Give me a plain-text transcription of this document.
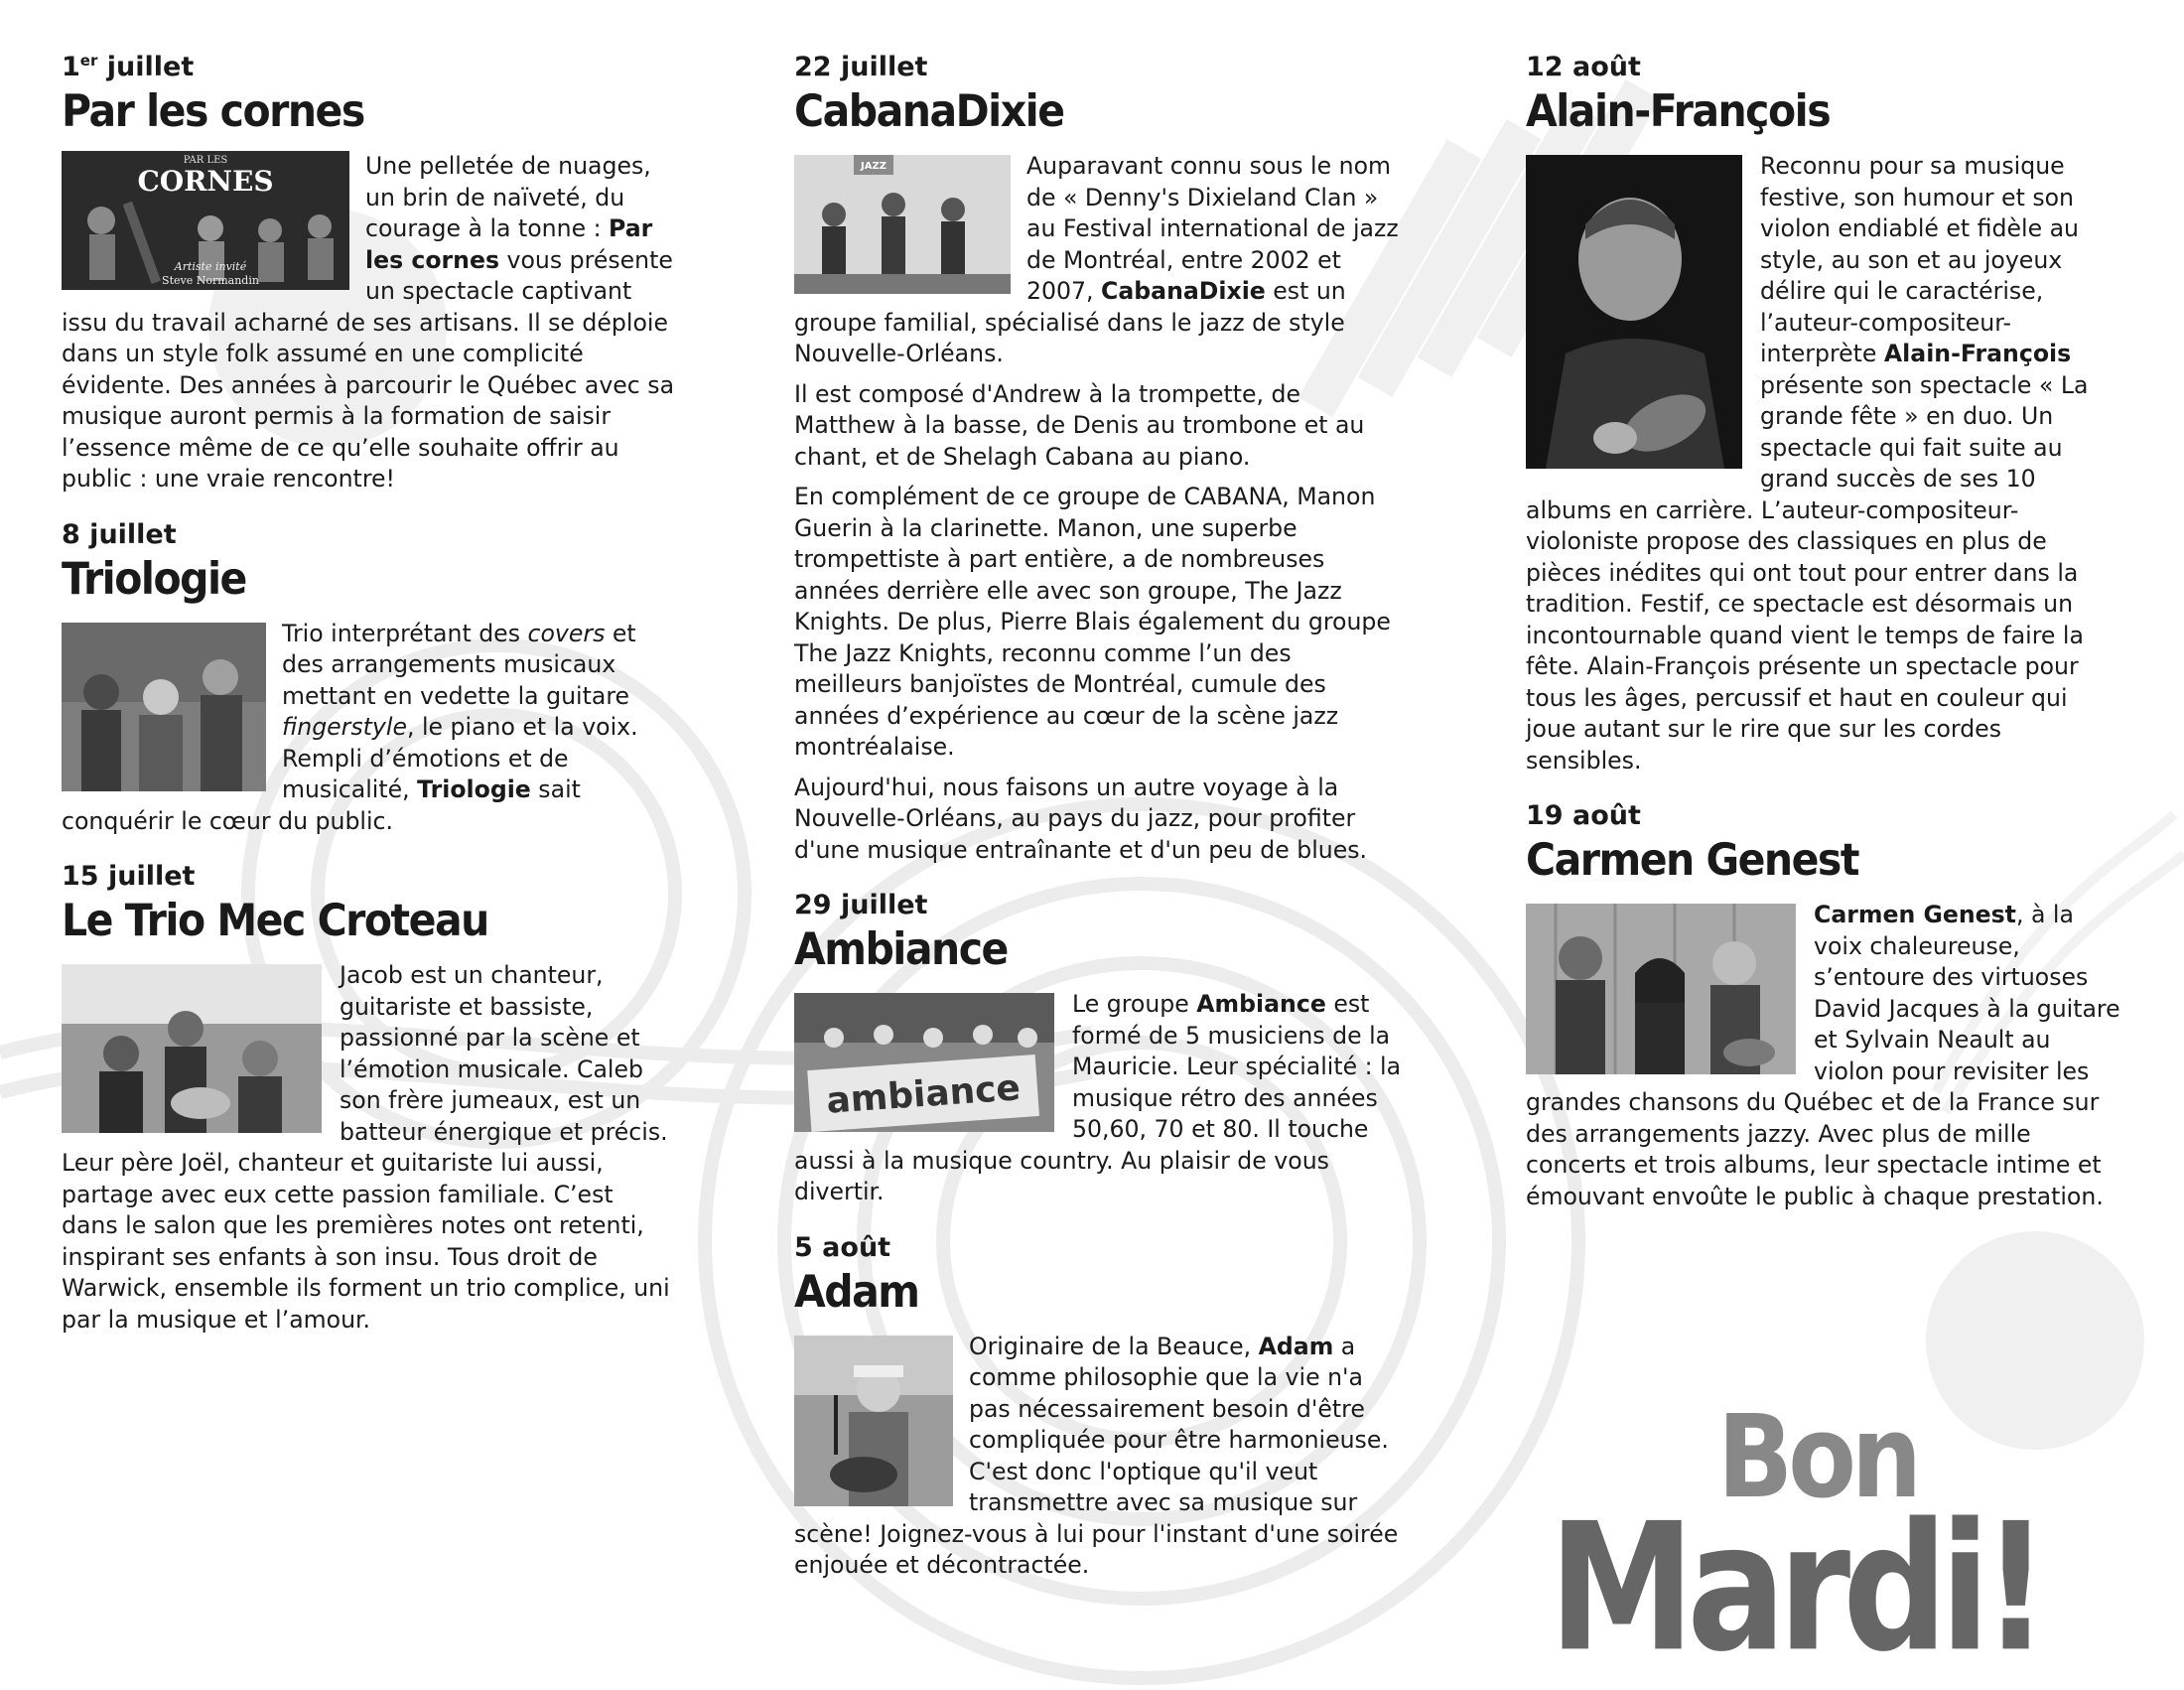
1er juillet
Par les cornes
PAR LES
CORNES
Artiste invité
Steve Normandin
Une pelletée de nuages, un brin de naïveté, du courage à la tonne : Par les cornes vous présente un spectacle captivant issu du travail acharné de ses artisans. Il se déploie dans un style folk assumé en une complicité évidente. Des années à parcourir le Québec avec sa musique auront permis à la formation de saisir l’essence même de ce qu’elle souhaite offrir au public : une vraie rencontre!
8 juillet
Triologie
Trio interprétant des covers et des arrangements musicaux mettant en vedette la guitare fingerstyle, le piano et la voix. Rempli d’émotions et de musicalité, Triologie sait conquérir le cœur du public.
15 juillet
Le Trio Mec Croteau
Jacob est un chanteur, guitariste et bassiste, passionné par la scène et l’émotion musicale. Caleb son frère jumeaux, est un batteur énergique et précis. Leur père Joël, chanteur et guitariste lui aussi, partage avec eux cette passion familiale. C’est dans le salon que les premières notes ont retenti, inspirant ses enfants à son insu. Tous droit de Warwick, ensemble ils forment un trio complice, uni par la musique et l’amour.
22 juillet
CabanaDixie
JAZZ	Auparavant connu sous le nom de « Denny's Dixieland Clan » au Festival international de jazz de Montréal, entre 2002 et 2007, CabanaDixie est un groupe familial, spécialisé dans le jazz de style Nouvelle-Orléans.

Il est composé d'Andrew à la trompette, de Matthew à la basse, de Denis au trombone et au chant, et de Shelagh Cabana au piano.

En complément de ce groupe de CABANA, Manon Guerin à la clarinette. Manon, une superbe trompettiste à part entière, a de nombreuses années derrière elle avec son groupe, The Jazz Knights. De plus, Pierre Blais également du groupe The Jazz Knights, reconnu comme l’un des meilleurs banjoïstes de Montréal, cumule des années d’expérience au cœur de la scène jazz montréalaise.

Aujourd'hui, nous faisons un autre voyage à la Nouvelle-Orléans, au pays du jazz, pour profiter d'une musique entraînante et d'un peu de blues.

29 juillet
Ambiance
ambiance
Le groupe Ambiance est formé de 5 musiciens de la Mauricie. Leur spécialité : la musique rétro des années 50,60, 70 et 80. Il touche aussi à la musique country. Au plaisir de vous divertir.
5 août
Adam
Originaire de la Beauce, Adam a comme philosophie que la vie n'a pas nécessairement besoin d'être compliquée pour être harmonieuse. C'est donc l'optique qu'il veut transmettre avec sa musique sur scène! Joignez-vous à lui pour l'instant d'une soirée enjouée et décontractée.
12 août
Alain-François
Reconnu pour sa musique festive, son humour et son violon endiablé et fidèle au style, au son et au joyeux délire qui le caractérise, l’auteur-compositeur-interprète Alain-François présente son spectacle « La grande fête » en duo. Un spectacle qui fait suite au grand succès de ses 10 albums en carrière. L’auteur-compositeur-violoniste propose des classiques en plus de pièces inédites qui ont tout pour entrer dans la tradition. Festif, ce spectacle est désormais un incontournable quand vient le temps de faire la fête. Alain-François présente un spectacle pour tous les âges, percussif et haut en couleur qui joue autant sur le rire que sur les cordes sensibles.
19 août
Carmen Genest
Carmen Genest, à la voix chaleureuse, s’entoure des virtuoses David Jacques à la guitare et Sylvain Neault au violon pour revisiter les grandes chansons du Québec et de la France sur des arrangements jazzy. Avec plus de mille concerts et trois albums, leur spectacle intime et émouvant envoûte le public à chaque prestation.
Bon
Mardi!
